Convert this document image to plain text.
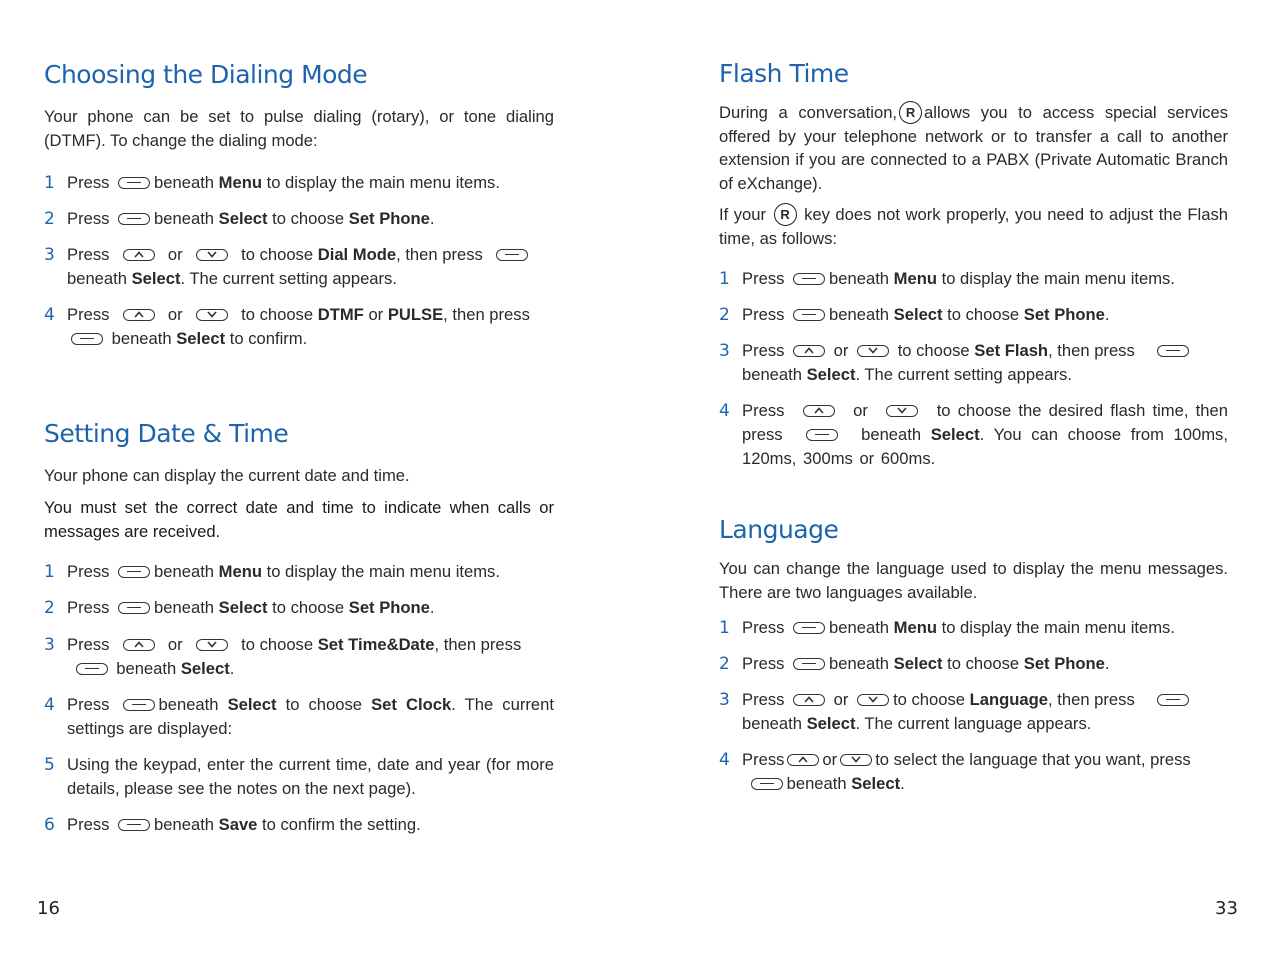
Choosing the Dialing Mode

Your phone can be set to pulse dialing (rotary), or tone dialing (DTMF). To change the dialing mode:

1 Press	beneath Menu to display the main menu items.
2 Press	beneath Select to choose Set Phone.
3 Press	or	to choose Dial Mode, then press
beneath Select. The current setting appears.
4 Press	or	to choose DTMF or PULSE, then press
beneath Select to confirm.
Setting Date & Time

Your phone can display the current date and time.

You must set the correct date and time to indicate when calls or messages are received.

1 Press	beneath Menu to display the main menu items.
2 Press	beneath Select to choose Set Phone.
3 Press	or	to choose Set Time&Date, then press
beneath Select.
4 Press	beneath Select to choose Set Clock. The current settings are displayed:
5 Using the keypad, enter the current time, date and year (for more details, please see the notes on the next page).
6 Press	beneath Save to confirm the setting.
Flash Time

During a conversation, R allows you to access special services offered by your telephone network or to transfer a call to another extension if you are connected to a PABX (Private Automatic Branch of eXchange).

If your R key does not work properly, you need to adjust the Flash time, as follows:

1 Press	beneath Menu to display the main menu items.
2 Press	beneath Select to choose Set Phone.
3 Press	or	to choose Set Flash, then press
beneath Select. The current setting appears.
4 Press	or	to choose the desired flash time, then press	beneath Select. You can choose from 100ms, 120ms, 300ms or 600ms.
Language

You can change the language used to display the menu messages. There are two languages available.

1 Press	beneath Menu to display the main menu items.
2 Press	beneath Select to choose Set Phone.
3 Press	or	to choose Language, then press
beneath Select. The current language appears.
4 Press or to select the language that you want, press
beneath Select.
16	33
